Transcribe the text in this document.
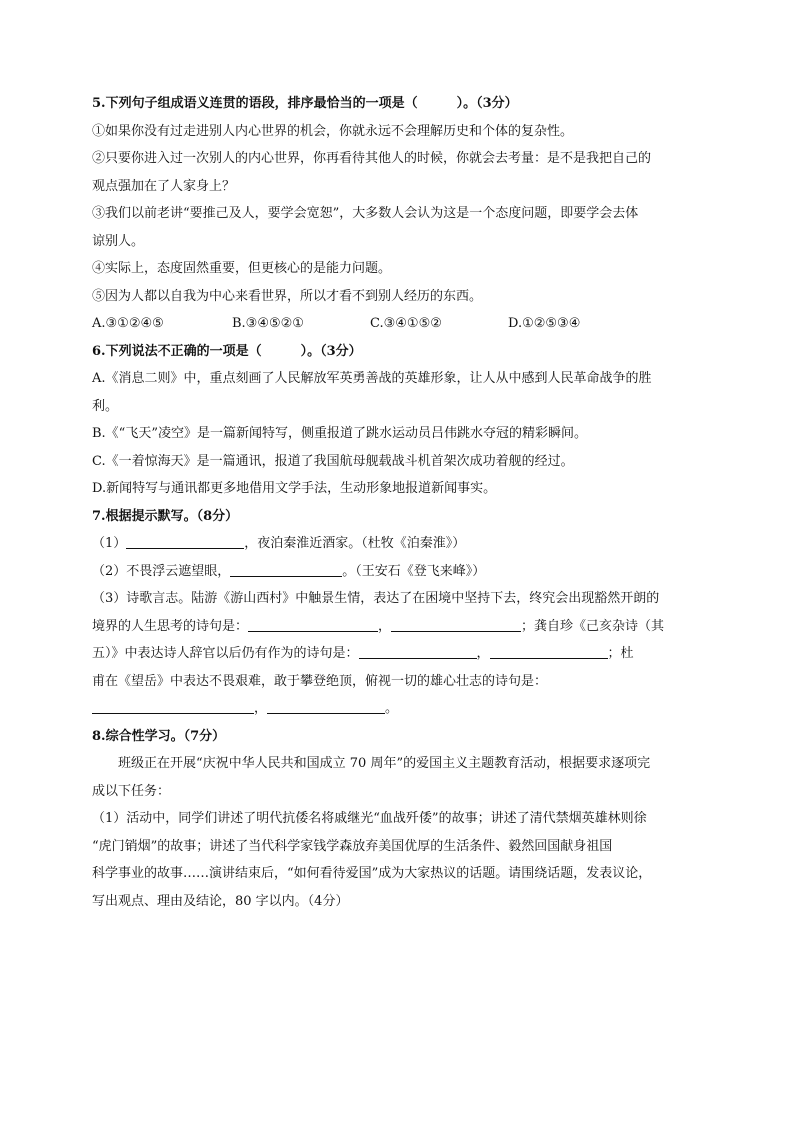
5.下列句子组成语义连贯的语段，排序最恰当的一项是（　　　）。（3分）
①如果你没有过走进别人内心世界的机会，你就永远不会理解历史和个体的复杂性。
②只要你进入过一次别人的内心世界，你再看待其他人的时候，你就会去考量：是不是我把自己的
观点强加在了人家身上？
③我们以前老讲“要推己及人，要学会宽恕”，大多数人会认为这是一个态度问题，即要学会去体
谅别人。
④实际上，态度固然重要，但更核心的是能力问题。
⑤因为人都以自我为中心来看世界，所以才看不到别人经历的东西。
A.③①②④⑤	B.③④⑤②①	C.③④①⑤②	D.①②⑤③④
6.下列说法不正确的一项是（　　　）。（3分）
A.《消息二则》中，重点刻画了人民解放军英勇善战的英雄形象，让人从中感到人民革命战争的胜
利。
B.《“飞天”凌空》是一篇新闻特写，侧重报道了跳水运动员吕伟跳水夺冠的精彩瞬间。
C.《一着惊海天》是一篇通讯，报道了我国航母舰载战斗机首架次成功着舰的经过。
D.新闻特写与通讯都更多地借用文学手法，生动形象地报道新闻事实。
7.根据提示默写。（8分）
（1）	，夜泊秦淮近酒家。（杜牧《泊秦淮》）
（2）不畏浮云遮望眼，	。（王安石《登飞来峰》）
（3）诗歌言志。陆游《游山西村》中触景生情，表达了在困境中坚持下去，终究会出现豁然开朗的
境界的人生思考的诗句是：	，	；龚自珍《己亥杂诗（其
五）》中表达诗人辞官以后仍有作为的诗句是：	，	；杜
甫在《望岳》中表达不畏艰难，敢于攀登绝顶，俯视一切的雄心壮志的诗句是：
，	。
8.综合性学习。（7分）
班级正在开展“庆祝中华人民共和国成立 70 周年”的爱国主义主题教育活动，根据要求逐项完
成以下任务：
（1）活动中，同学们讲述了明代抗倭名将戚继光“血战歼倭”的故事；讲述了清代禁烟英雄林则徐
“虎门销烟”的故事；讲述了当代科学家钱学森放弃美国优厚的生活条件、毅然回国献身祖国
科学事业的故事……演讲结束后，“如何看待爱国”成为大家热议的话题。请围绕话题，发表议论，
写出观点、理由及结论，80 字以内。（4分）
